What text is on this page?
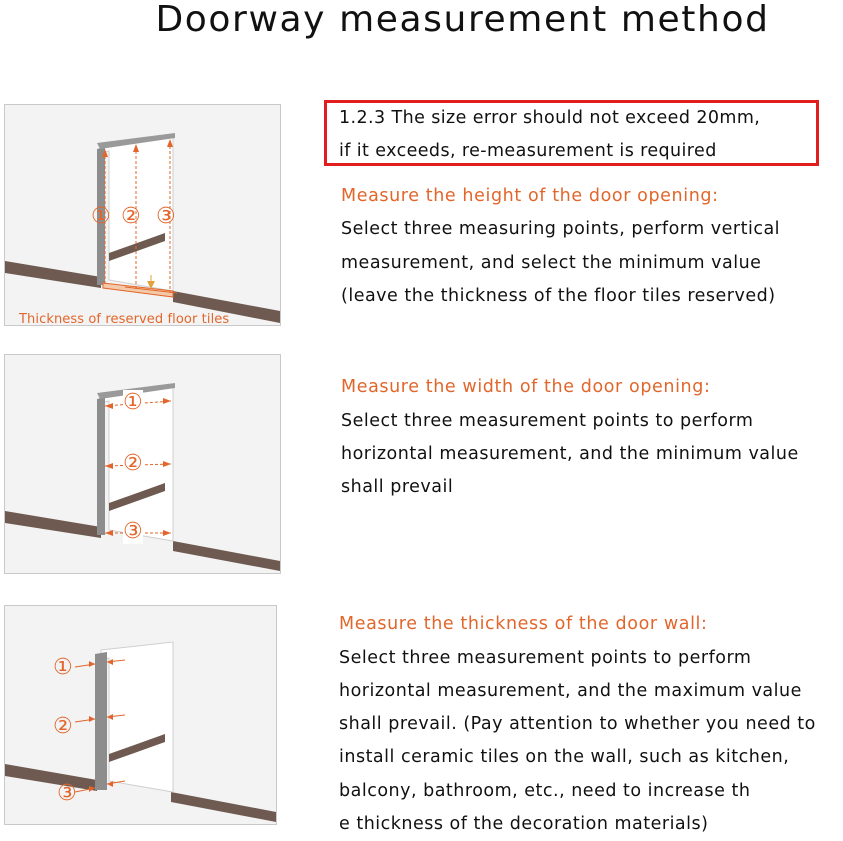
Doorway measurement method
① ② ③
Thickness of reserved floor tiles
①
②
③
①
②
③
1.2.3 The size error should not exceed 20mm,
if it exceeds, re-measurement is required
Measure the height of the door opening:
Select three measuring points, perform vertical
measurement, and select the minimum value
(leave the thickness of the floor tiles reserved)
Measure the width of the door opening:
Select three measurement points to perform
horizontal measurement, and the minimum value
shall prevail
Measure the thickness of the door wall:
Select three measurement points to perform
horizontal measurement, and the maximum value
shall prevail. (Pay attention to whether you need to
install ceramic tiles on the wall, such as kitchen,
balcony, bathroom, etc., need to increase th
e thickness of the decoration materials)
